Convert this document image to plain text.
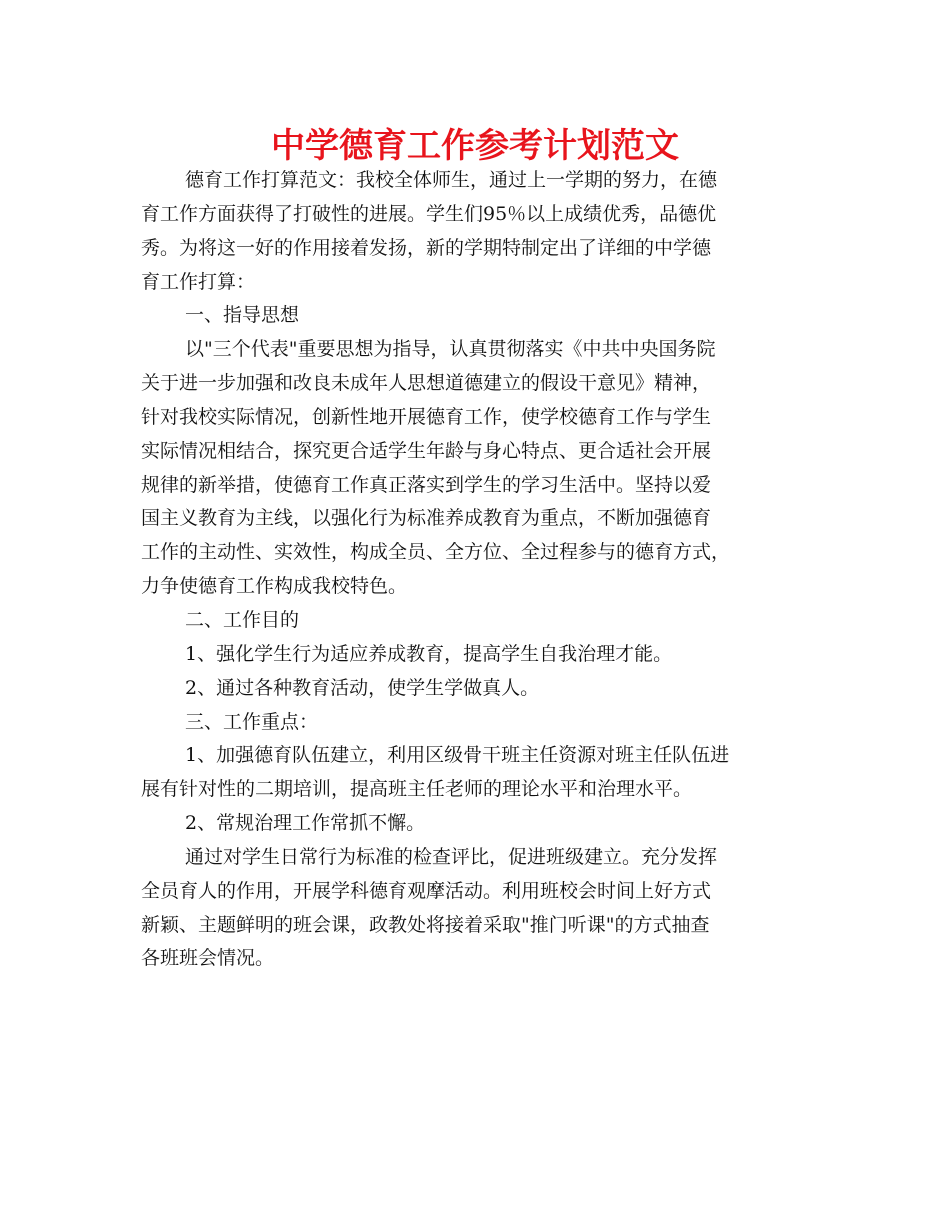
中学德育工作参考计划范文
德育工作打算范文：我校全体师生，通过上一学期的努力，在德
育工作方面获得了打破性的进展。学生们95％以上成绩优秀，品德优
秀。为将这一好的作用接着发扬，新的学期特制定出了详细的中学德
育工作打算：
一、指导思想
以"三个代表"重要思想为指导，认真贯彻落实《中共中央国务院
关于进一步加强和改良未成年人思想道德建立的假设干意见》精神，
针对我校实际情况，创新性地开展德育工作，使学校德育工作与学生
实际情况相结合，探究更合适学生年龄与身心特点、更合适社会开展
规律的新举措，使德育工作真正落实到学生的学习生活中。坚持以爱
国主义教育为主线，以强化行为标准养成教育为重点，不断加强德育
工作的主动性、实效性，构成全员、全方位、全过程参与的德育方式，
力争使德育工作构成我校特色。
二、工作目的
1、强化学生行为适应养成教育，提高学生自我治理才能。
2、通过各种教育活动，使学生学做真人。
三、工作重点：
1、加强德育队伍建立，利用区级骨干班主任资源对班主任队伍进
展有针对性的二期培训，提高班主任老师的理论水平和治理水平。
2、常规治理工作常抓不懈。
通过对学生日常行为标准的检查评比，促进班级建立。充分发挥
全员育人的作用，开展学科德育观摩活动。利用班校会时间上好方式
新颖、主题鲜明的班会课，政教处将接着采取"推门听课"的方式抽查
各班班会情况。
